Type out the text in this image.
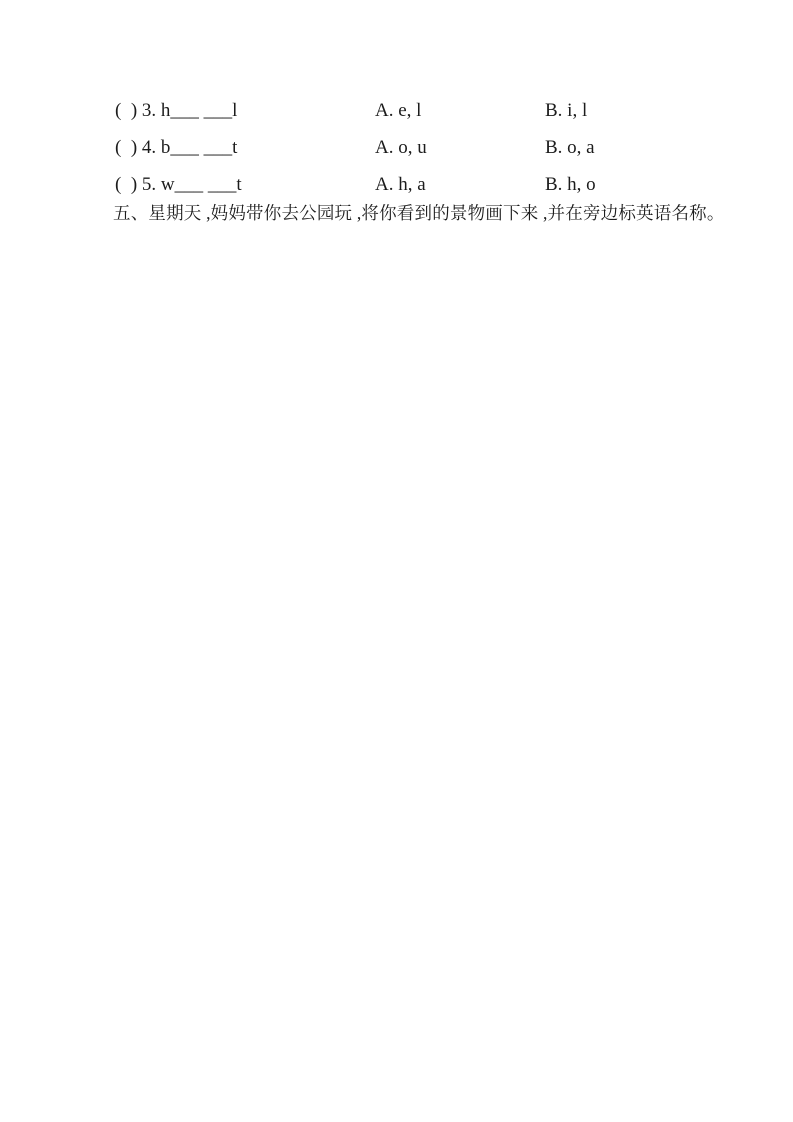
(  ) 3. h___ ___l	A. e, l	B. i, l
(  ) 4. b___ ___t	A. o, u	B. o, a
(  ) 5. w___ ___t	A. h, a	B. h, o
五、星期天 ,妈妈带你去公园玩 ,将你看到的景物画下来 ,并在旁边标英语名称。
